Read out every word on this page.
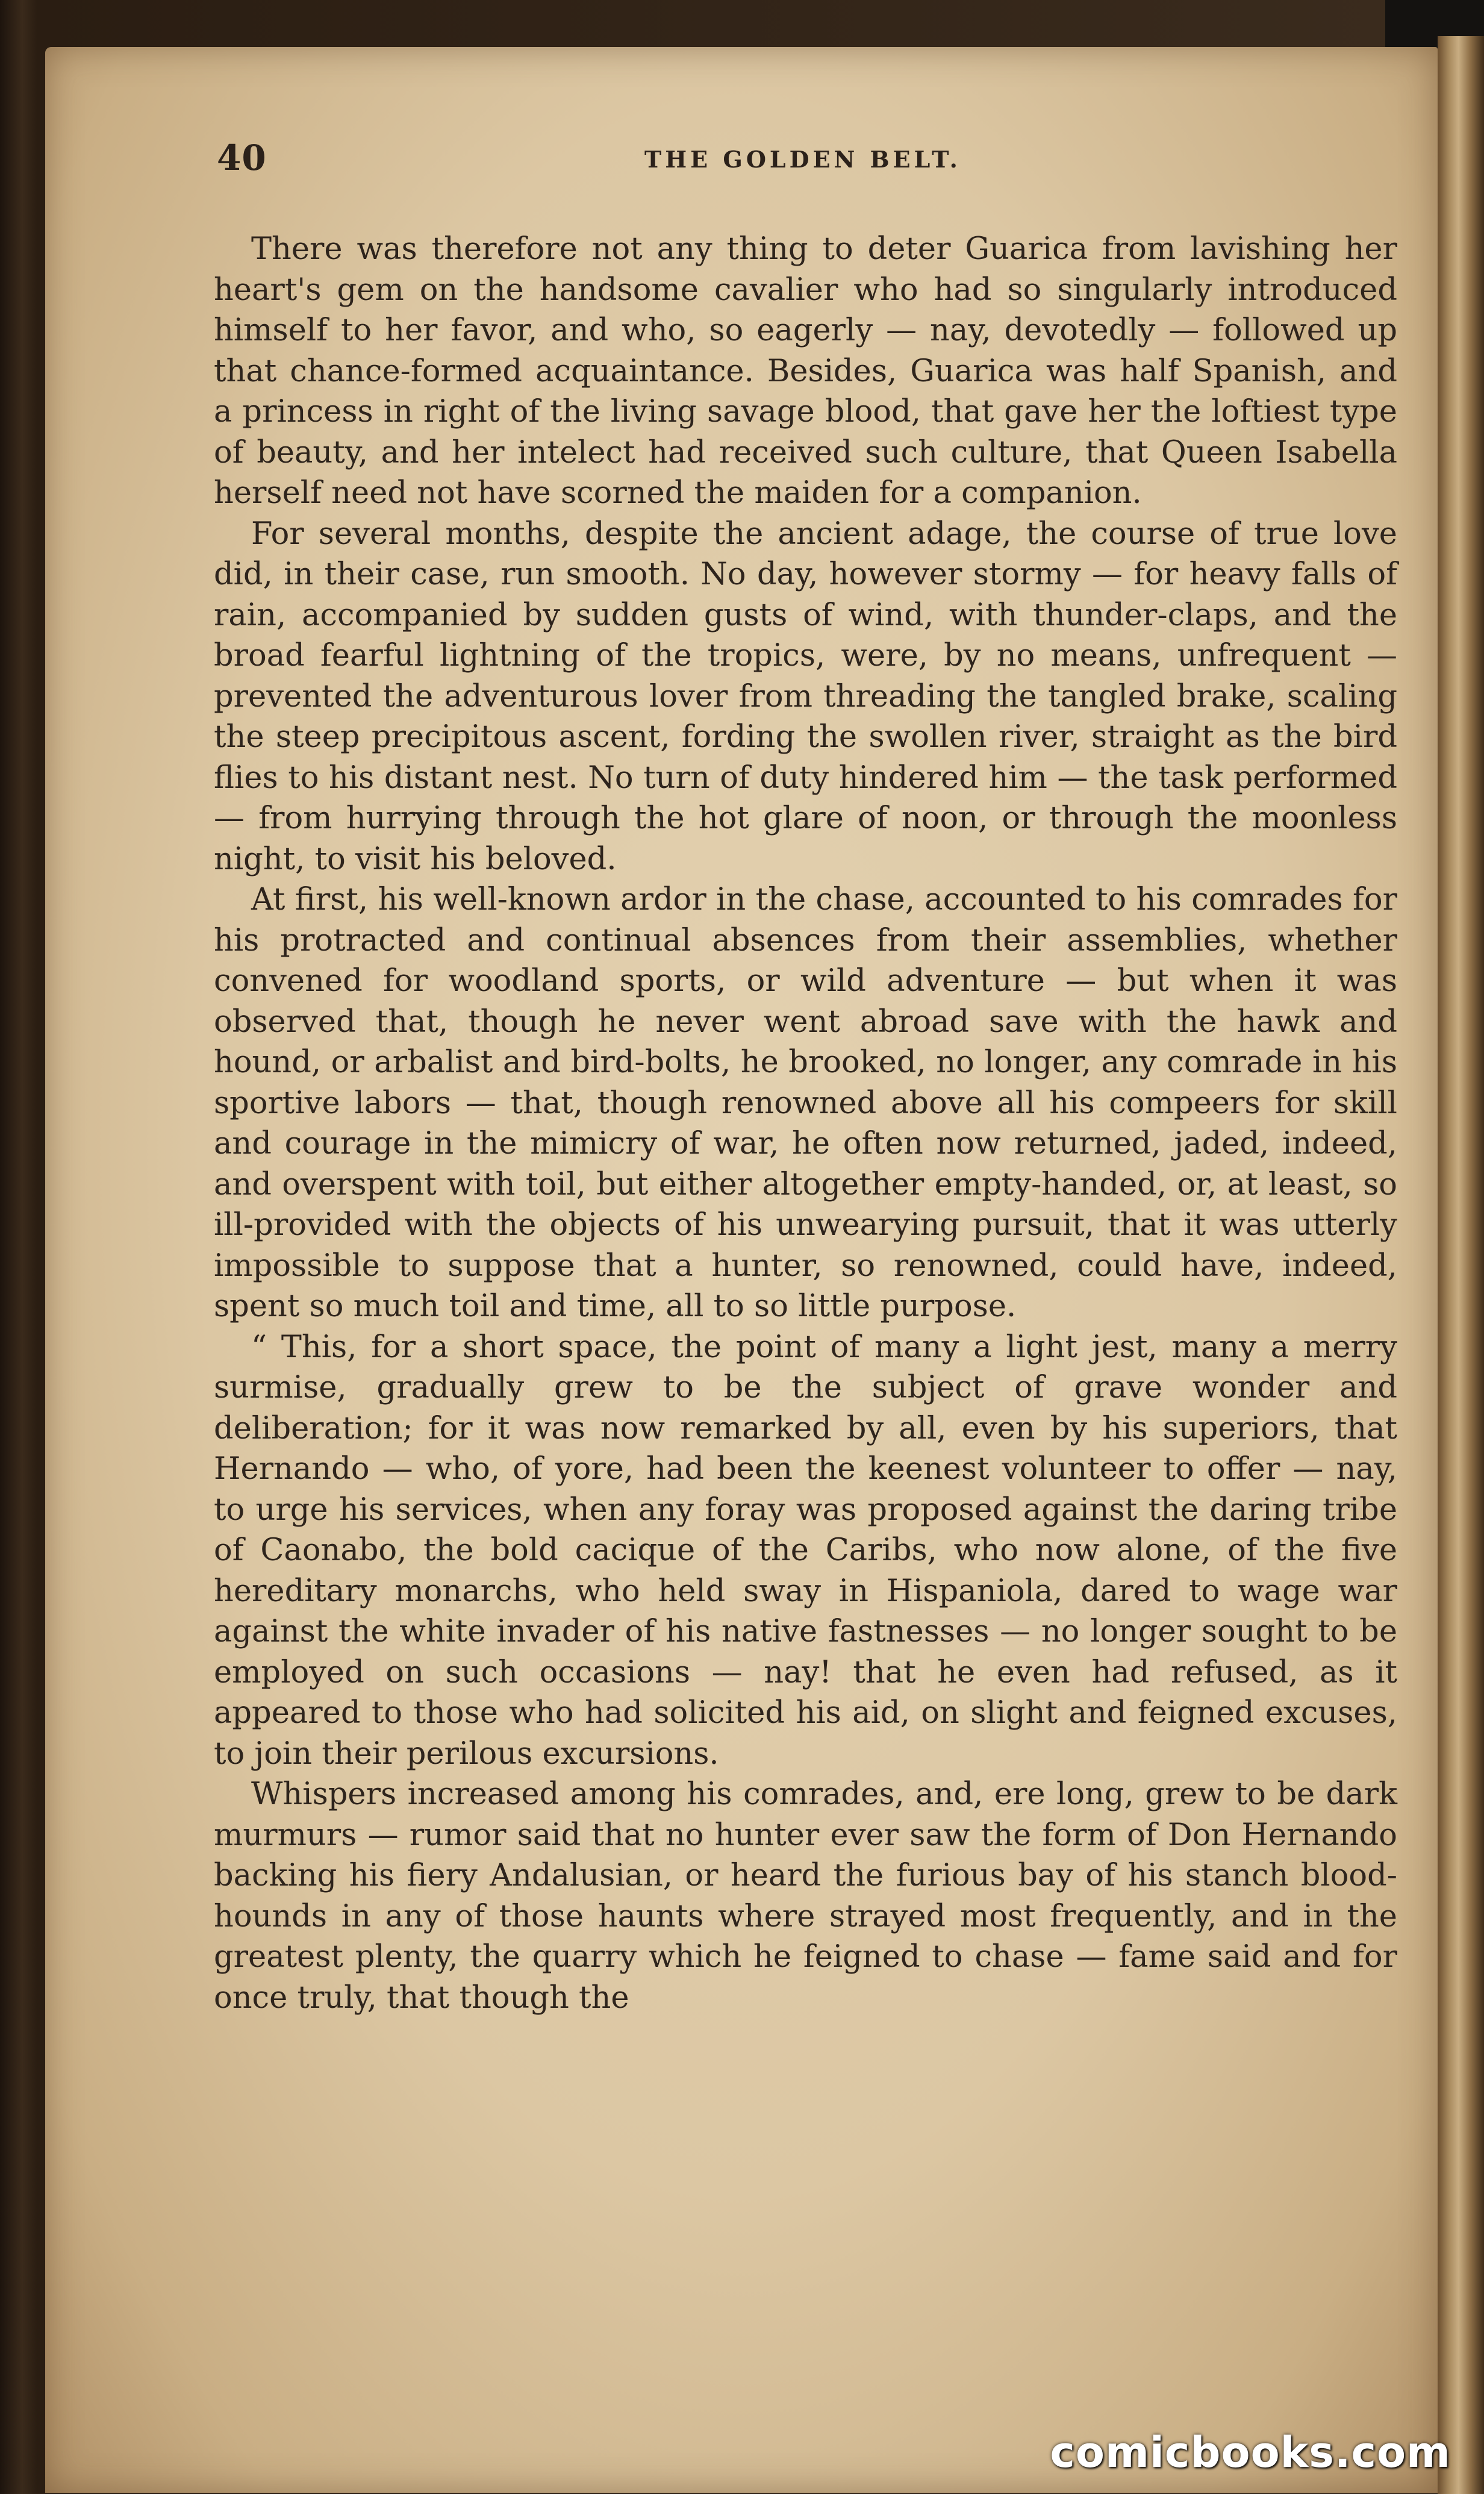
40	THE GOLDEN BELT.

There was therefore not any thing to deter Guarica from lavishing her heart's gem on the handsome cavalier who had so singularly introduced himself to her favor, and who, so eagerly — nay, devotedly — followed up that chance-formed acquaintance. Besides, Guarica was half Spanish, and a princess in right of the living savage blood, that gave her the loftiest type of beauty, and her intelect had received such culture, that Queen Isabella herself need not have scorned the maiden for a companion.

For several months, despite the ancient adage, the course of true love did, in their case, run smooth. No day, however stormy — for heavy falls of rain, accompanied by sudden gusts of wind, with thunder-claps, and the broad fearful lightning of the tropics, were, by no means, unfrequent — prevented the adventurous lover from threading the tangled brake, scaling the steep precipitous ascent, fording the swollen river, straight as the bird flies to his distant nest. No turn of duty hindered him — the task performed — from hurrying through the hot glare of noon, or through the moonless night, to visit his beloved.

At first, his well-known ardor in the chase, accounted to his comrades for his protracted and continual absences from their assemblies, whether convened for woodland sports, or wild adventure — but when it was observed that, though he never went abroad save with the hawk and hound, or arbalist and bird-bolts, he brooked, no longer, any comrade in his sportive labors — that, though renowned above all his compeers for skill and courage in the mimicry of war, he often now returned, jaded, indeed, and overspent with toil, but either altogether empty-handed, or, at least, so ill-provided with the objects of his unwearying pursuit, that it was utterly impossible to suppose that a hunter, so renowned, could have, indeed, spent so much toil and time, all to so little purpose.

“ This, for a short space, the point of many a light jest, many a merry surmise, gradually grew to be the subject of grave wonder and deliberation; for it was now remarked by all, even by his superiors, that Hernando — who, of yore, had been the keenest volunteer to offer — nay, to urge his services, when any foray was proposed against the daring tribe of Caonabo, the bold cacique of the Caribs, who now alone, of the five hereditary monarchs, who held sway in Hispaniola, dared to wage war against the white invader of his native fastnesses — no longer sought to be employed on such occasions — nay! that he even had refused, as it appeared to those who had solicited his aid, on slight and feigned excuses, to join their perilous excursions.

Whispers increased among his comrades, and, ere long, grew to be dark murmurs — rumor said that no hunter ever saw the form of Don Hernando backing his fiery Andalusian, or heard the furious bay of his stanch blood-hounds in any of those haunts where strayed most frequently, and in the greatest plenty, the quarry which he feigned to chase — fame said and for once truly, that though the

comicbooks.com
